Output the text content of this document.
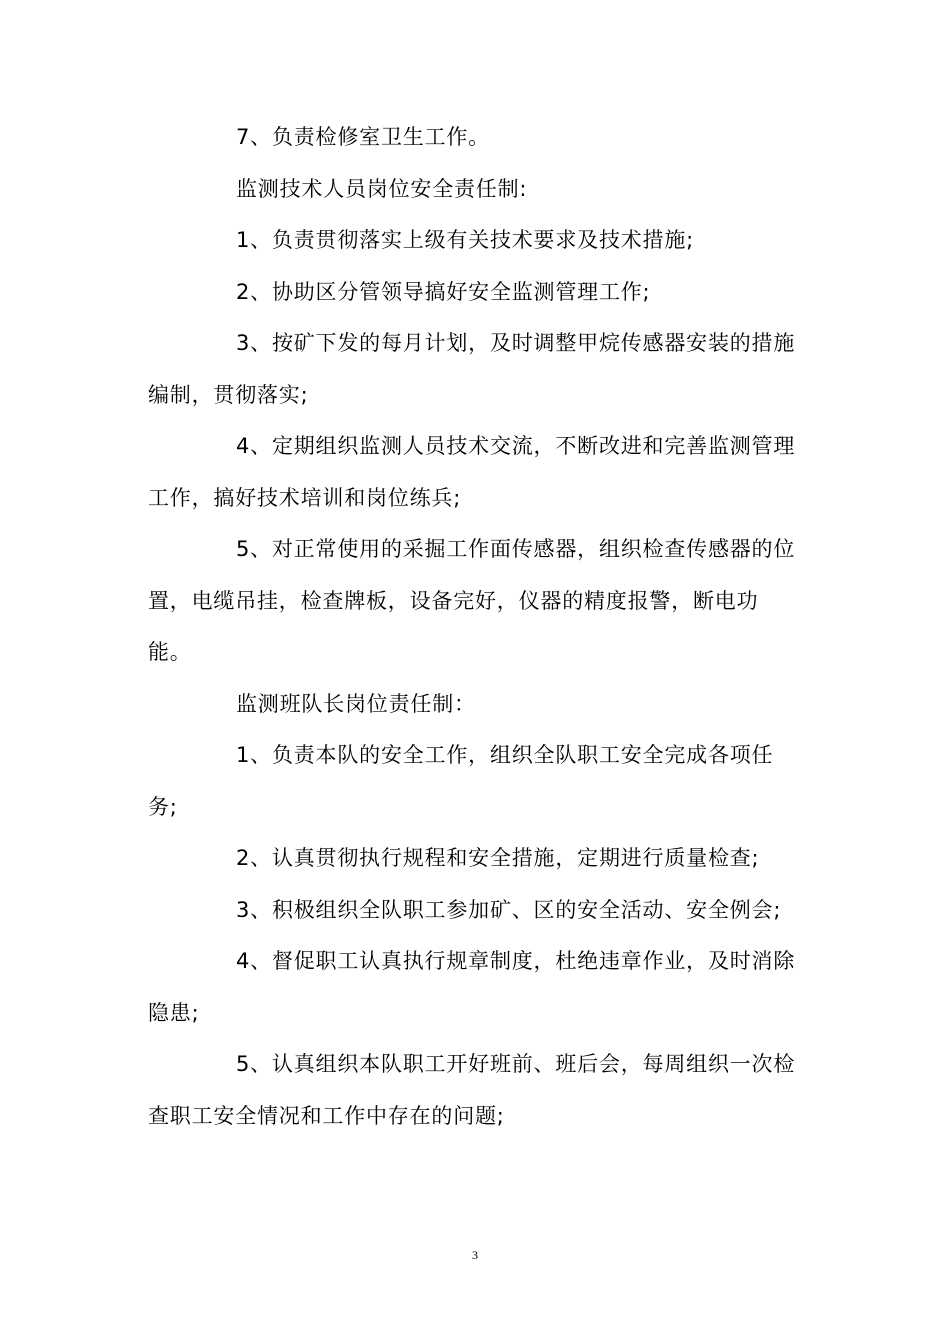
7、负责检修室卫生工作。

监测技术人员岗位安全责任制:

1、负责贯彻落实上级有关技术要求及技术措施;

2、协助区分管领导搞好安全监测管理工作;

3、按矿下发的每月计划，及时调整甲烷传感器安装的措施编制，贯彻落实;

4、定期组织监测人员技术交流，不断改进和完善监测管理工作，搞好技术培训和岗位练兵;

5、对正常使用的采掘工作面传感器，组织检查传感器的位置，电缆吊挂，检查牌板，设备完好，仪器的精度报警，断电功能。

监测班队长岗位责任制：

1、负责本队的安全工作，组织全队职工安全完成各项任务;

2、认真贯彻执行规程和安全措施，定期进行质量检查;

3、积极组织全队职工参加矿、区的安全活动、安全例会;

4、督促职工认真执行规章制度，杜绝违章作业，及时消除隐患;

5、认真组织本队职工开好班前、班后会，每周组织一次检查职工安全情况和工作中存在的问题;

3
